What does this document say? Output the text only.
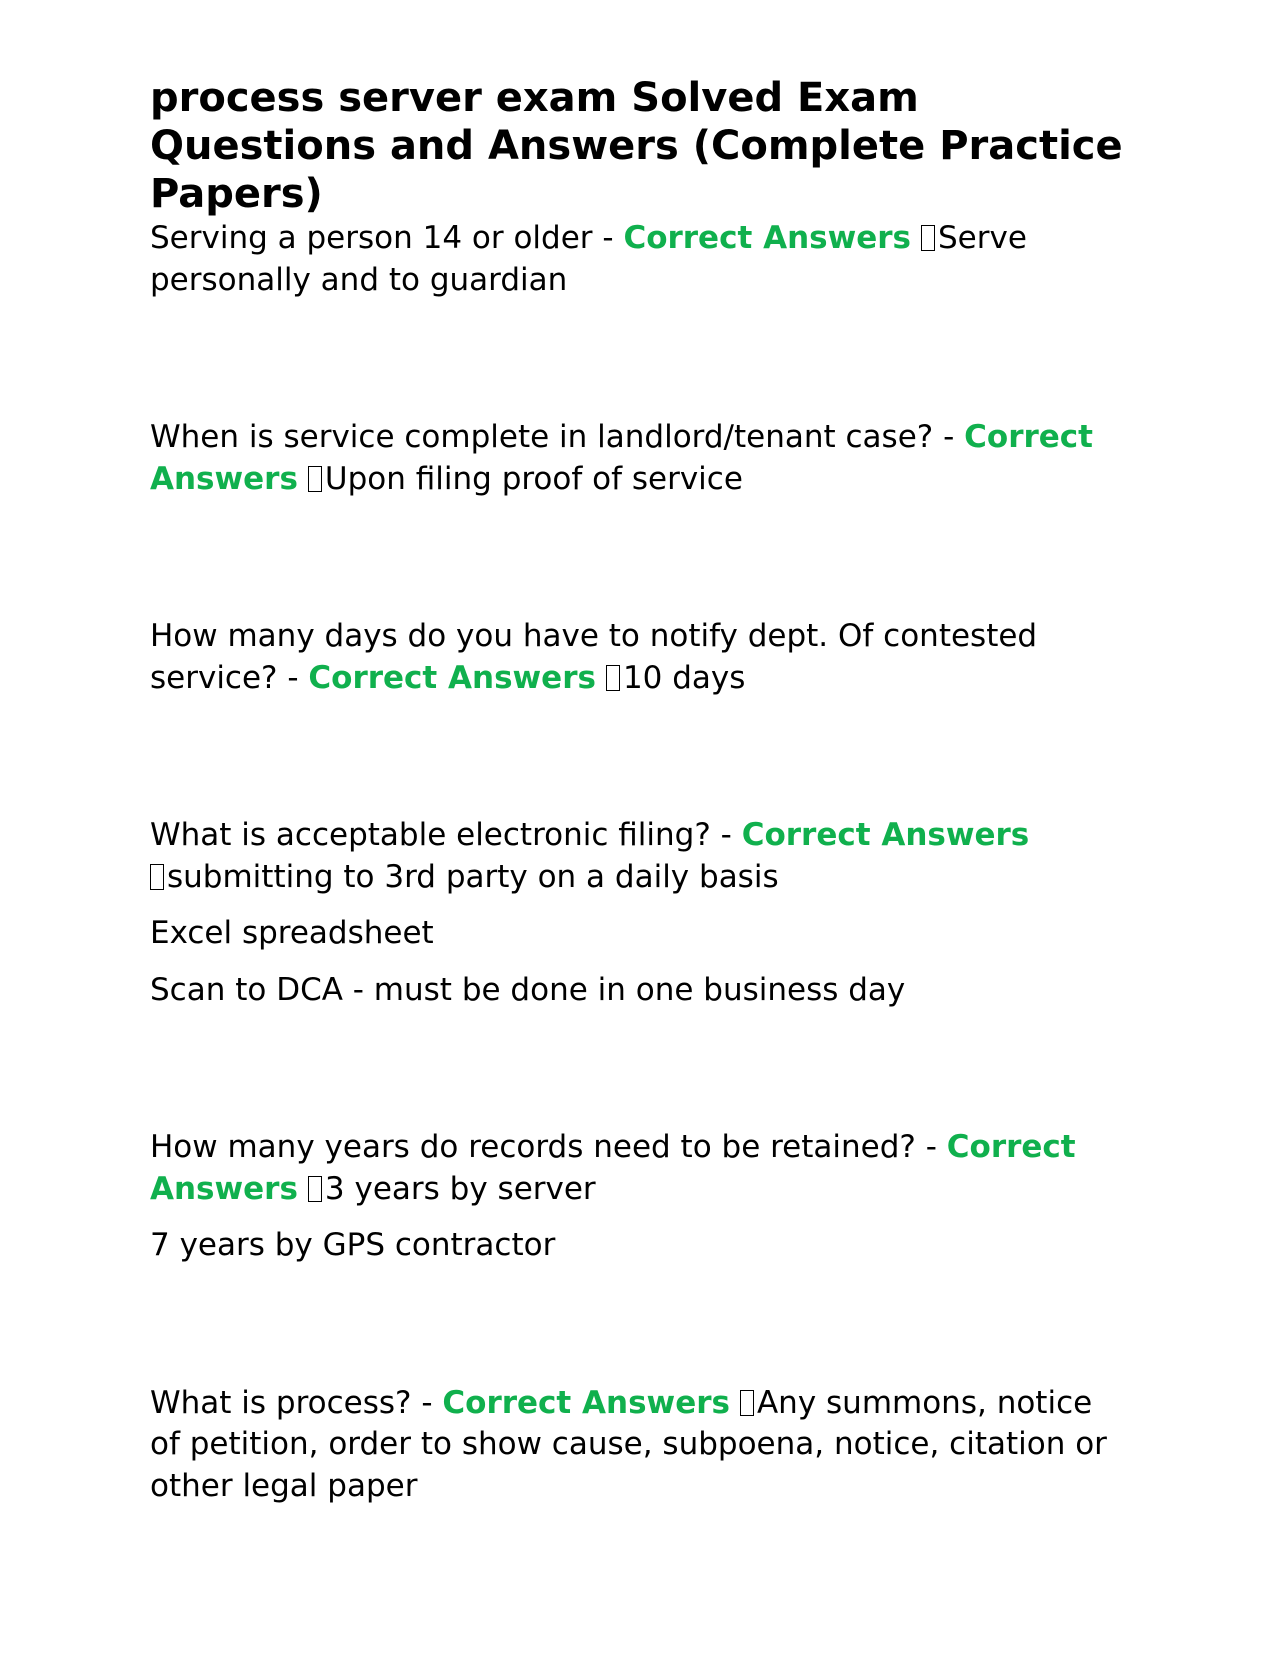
process server exam Solved Exam Questions and Answers (Complete Practice Papers)
Serving a person 14 or older - Correct Answers Serve personally and to guardian
When is service complete in landlord/tenant case? - Correct Answers Upon filing proof of service
How many days do you have to notify dept. Of contested service? - Correct Answers 10 days
What is acceptable electronic filing? - Correct Answers
submitting to 3rd party on a daily basis
Excel spreadsheet
Scan to DCA - must be done in one business day
How many years do records need to be retained? - Correct Answers 3 years by server
7 years by GPS contractor
What is process? - Correct Answers Any summons, notice of petition, order to show cause, subpoena, notice, citation or other legal paper
